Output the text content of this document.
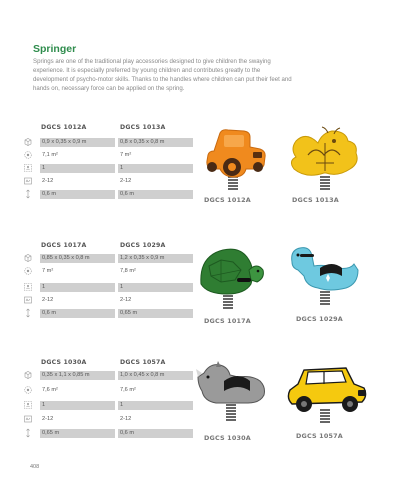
Springer
Springs are one of the traditional play accessories designed to give children the swaying experience. It is especially preferred by young children and contributes greatly to the development of psycho-motor skills. Thanks to the handles where children can put their feet and hands on, necessary force can be applied on the spring.
DGCS 1012A	DGCS 1013A
0,9 x 0,35 x 0,9 m	0,8 x 0,35 x 0,8 m
7,1 m²	7 m²
1	1
2-12	2-12
0,6 m	0,6 m
DGCS 1012A	DGCS 1013A
DGCS 1017A	DGCS 1029A
0,85 x 0,35 x 0,8 m	1,2 x 0,35 x 0,9 m
7 m²	7,8 m²
1	1
2-12	2-12
0,6 m	0,65 m
DGCS 1017A	DGCS 1029A
DGCS 1030A	DGCS 1057A
0,35 x 1,1 x 0,85 m	1,0 x 0,45 x 0,8 m
7,6 m²	7,6 m²
1	1
2-12	2-12
0,65 m	0,6 m
DGCS 1030A	DGCS 1057A
408
